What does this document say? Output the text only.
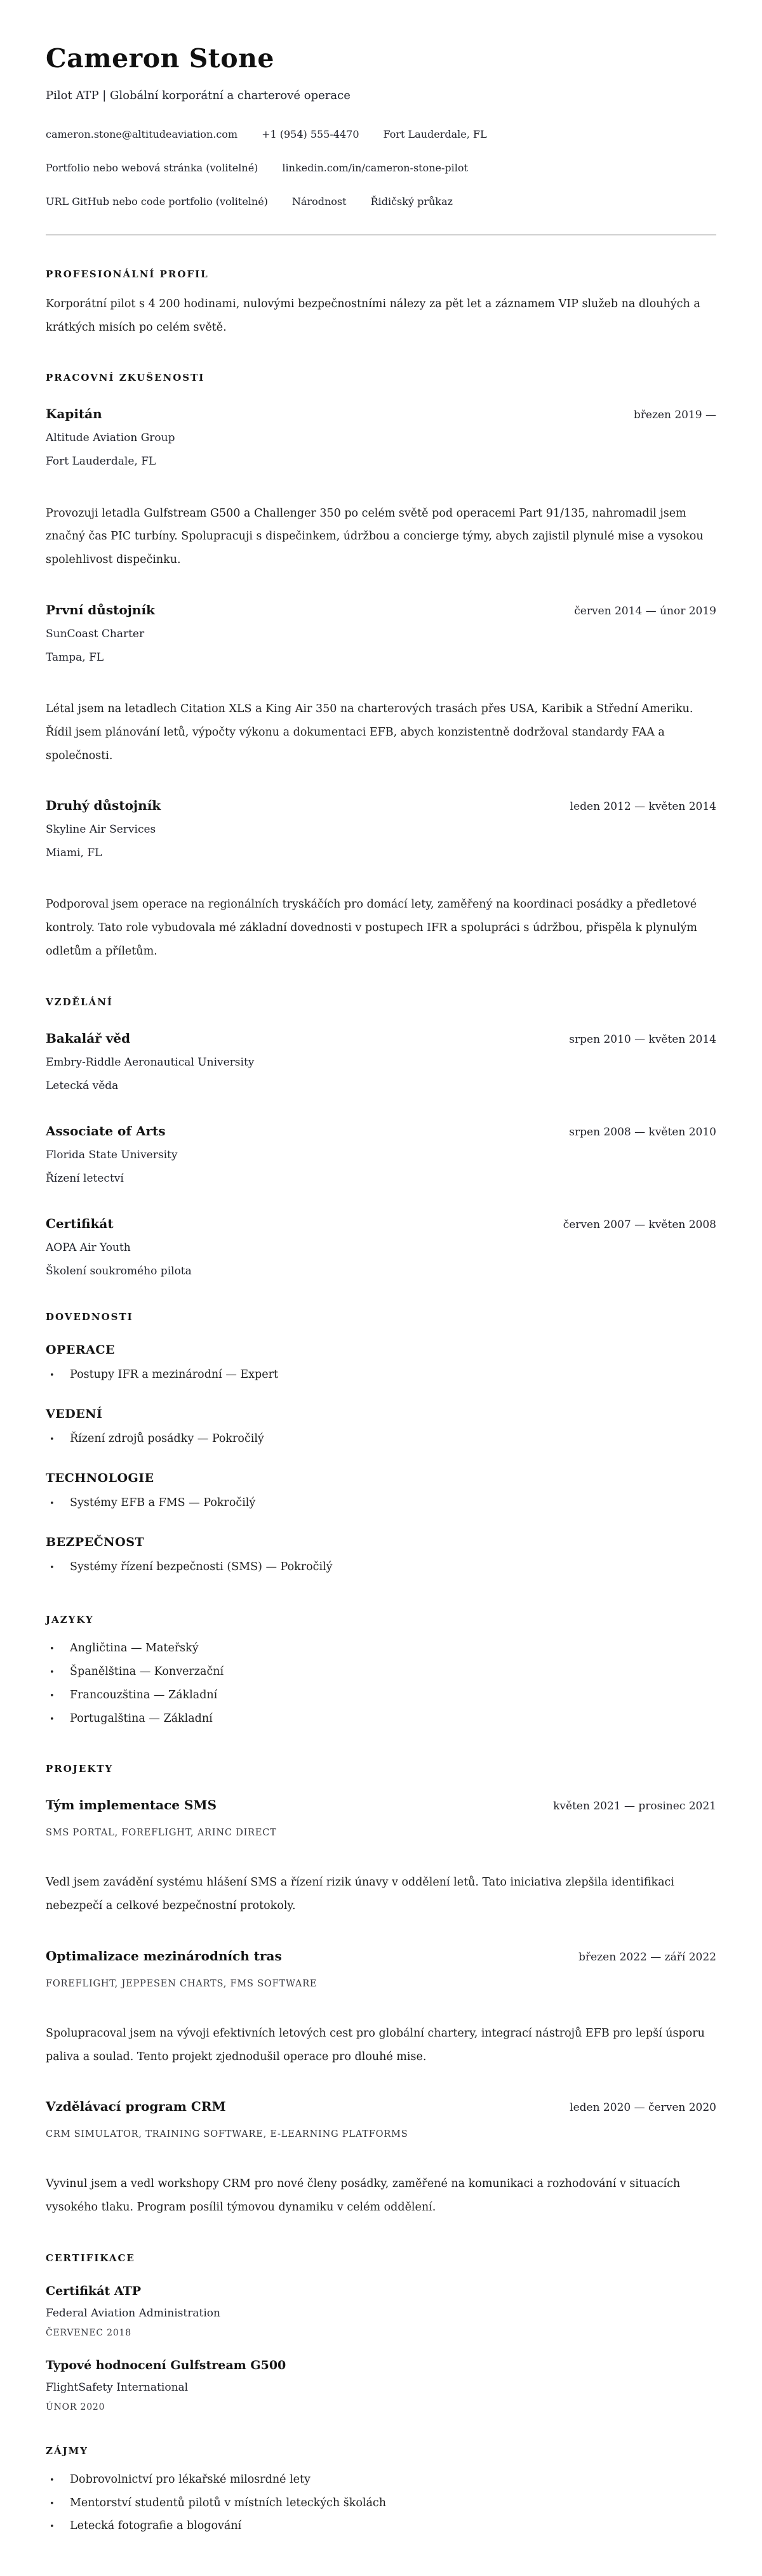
Cameron Stone

Pilot ATP | Globální korporátní a charterové operace

cameron.stone@altitudeaviation.com +1 (954) 555-4470 Fort Lauderdale, FL
Portfolio nebo webová stránka (volitelné) linkedin.com/in/cameron-stone-pilot
URL GitHub nebo code portfolio (volitelné) Národnost Řidičský průkaz
PROFESIONÁLNÍ PROFIL

Korporátní pilot s 4 200 hodinami, nulovými bezpečnostními nálezy za pět let a záznamem VIP služeb na dlouhých a krátkých misích po celém světě.

PRACOVNÍ ZKUŠENOSTI
Kapitán	březen 2019 —

Altitude Aviation Group

Fort Lauderdale, FL

Provozuji letadla Gulfstream G500 a Challenger 350 po celém světě pod operacemi Part 91/135, nahromadil jsem značný čas PIC turbíny. Spolupracuji s dispečinkem, údržbou a concierge týmy, abych zajistil plynulé mise a vysokou spolehlivost dispečinku.

První důstojník	červen 2014 — únor 2019

SunCoast Charter

Tampa, FL

Létal jsem na letadlech Citation XLS a King Air 350 na charterových trasách přes USA, Karibik a Střední Ameriku. Řídil jsem plánování letů, výpočty výkonu a dokumentaci EFB, abych konzistentně dodržoval standardy FAA a společnosti.

Druhý důstojník	leden 2012 — květen 2014

Skyline Air Services

Miami, FL

Podporoval jsem operace na regionálních tryskáčích pro domácí lety, zaměřený na koordinaci posádky a předletové kontroly. Tato role vybudovala mé základní dovednosti v postupech IFR a spolupráci s údržbou, přispěla k plynulým odletům a příletům.

VZDĚLÁNÍ
Bakalář věd	srpen 2010 — květen 2014

Embry-Riddle Aeronautical University

Letecká věda

Associate of Arts	srpen 2008 — květen 2010

Florida State University

Řízení letectví

Certifikát	červen 2007 — květen 2008

AOPA Air Youth

Školení soukromého pilota

DOVEDNOSTI
OPERACE
•	Postupy IFR a mezinárodní — Expert
VEDENÍ
•	Řízení zdrojů posádky — Pokročilý
TECHNOLOGIE
•	Systémy EFB a FMS — Pokročilý
BEZPEČNOST
•	Systémy řízení bezpečnosti (SMS) — Pokročilý
JAZYKY
•	Angličtina — Mateřský
•	Španělština — Konverzační
•	Francouzština — Základní
•	Portugalština — Základní
PROJEKTY
Tým implementace SMS	květen 2021 — prosinec 2021

SMS PORTAL, FOREFLIGHT, ARINC DIRECT

Vedl jsem zavádění systému hlášení SMS a řízení rizik únavy v oddělení letů. Tato iniciativa zlepšila identifikaci nebezpečí a celkové bezpečnostní protokoly.

Optimalizace mezinárodních tras	březen 2022 — září 2022

FOREFLIGHT, JEPPESEN CHARTS, FMS SOFTWARE

Spolupracoval jsem na vývoji efektivních letových cest pro globální chartery, integrací nástrojů EFB pro lepší úsporu paliva a soulad. Tento projekt zjednodušil operace pro dlouhé mise.

Vzdělávací program CRM	leden 2020 — červen 2020

CRM SIMULATOR, TRAINING SOFTWARE, E-LEARNING PLATFORMS

Vyvinul jsem a vedl workshopy CRM pro nové členy posádky, zaměřené na komunikaci a rozhodování v situacích vysokého tlaku. Program posílil týmovou dynamiku v celém oddělení.

CERTIFIKACE
Certifikát ATP

Federal Aviation Administration

ČERVENEC 2018

Typové hodnocení Gulfstream G500

FlightSafety International

ÚNOR 2020

ZÁJMY
•	Dobrovolnictví pro lékařské milosrdné lety
•	Mentorství studentů pilotů v místních leteckých školách
•	Letecká fotografie a blogování
